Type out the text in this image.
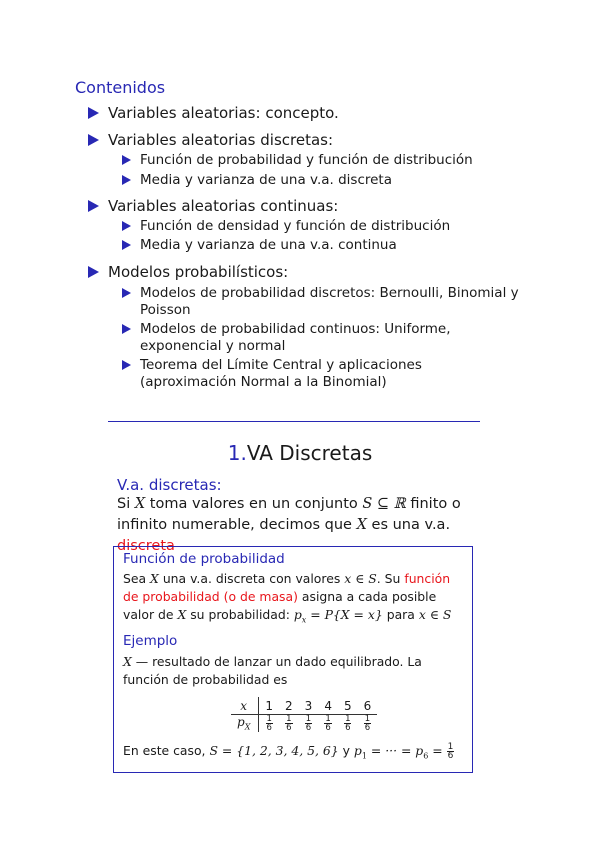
Contenidos
Variables aleatorias: concepto.
Variables aleatorias discretas:
Función de probabilidad y función de distribución
Media y varianza de una v.a. discreta
Variables aleatorias continuas:
Función de densidad y función de distribución
Media y varianza de una v.a. continua
Modelos probabilísticos:
Modelos de probabilidad discretos: Bernoulli, Binomial y Poisson
Modelos de probabilidad continuos: Uniforme, exponencial y normal
Teorema del Límite Central y aplicaciones (aproximación Normal a la Binomial)
1.VA Discretas
V.a. discretas:
Si X toma valores en un conjunto S ⊆ ℝ finito o infinito numerable, decimos que X es una v.a. discreta
Función de probabilidad
Sea X una v.a. discreta con valores x ∈ S. Su función de probabilidad (o de masa) asigna a cada posible valor de X su probabilidad: $p_x = P\{X = x\}$ para x ∈ S
Ejemplo
X — resultado de lanzar un dado equilibrado. La función de probabilidad es
x	1	2	3	4	5	6
$p_X$	$\frac{1}{6}$	$\frac{1}{6}$	$\frac{1}{6}$	$\frac{1}{6}$	$\frac{1}{6}$	$\frac{1}{6}$
En este caso, S = {1, 2, 3, 4, 5, 6} y $p_1$ = ··· = $p_6 = \frac{1}{6}$
